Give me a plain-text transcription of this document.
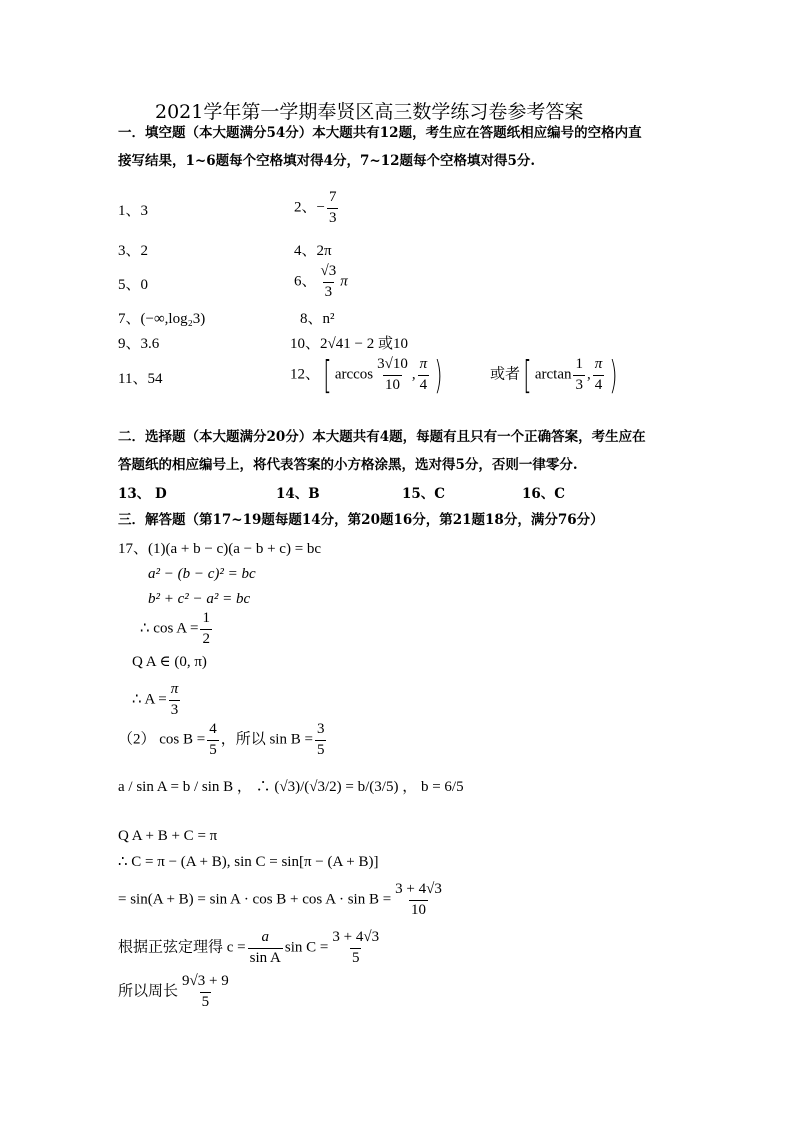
2021学年第一学期奉贤区高三数学练习卷参考答案
一．填空题（本大题满分54分）本大题共有12题，考生应在答题纸相应编号的空格内直
接写结果，1~6题每个空格填对得4分，7~12题每个空格填对得5分.
1、3	2、− $\frac{7}{3}$
3、2	4、2π
5、0	6、 $\frac{√3}{3}$ π
7、(−∞,log₂3)	8、n²
9、3.6	10、2√41 − 2 或10
11、54	12、[ $\arccos \frac{3√10}{10}$ , $\frac{\pi}{4}$ )	或者[ $\arctan \frac{1}{3}$ , $\frac{\pi}{4}$ )
二．选择题（本大题满分20分）本大题共有4题，每题有且只有一个正确答案，考生应在
答题纸的相应编号上，将代表答案的小方格涂黑，选对得5分，否则一律零分.
13、 D	14、B	15、C	16、C
三．解答题（第17~19题每题14分，第20题16分，第21题18分，满分76分）
17、(1)(a + b − c)(a − b + c) = bc
a² − (b − c)² = bc
b² + c² − a² = bc
∴ $\cos A = \frac{1}{2}$
Q A ∈ (0, π)
∴ $A = \frac{\pi}{3}$
（2） $\cos B = \frac{4}{5}$ ，所以 $\sin B = \frac{3}{5}$
a / sin A = b / sin B ， ∴ (√3)/(√3/2) = b/(3/5) ， b = 6/5
Q A + B + C = π
∴ C = π − (A + B), sin C = sin[π − (A + B)]
= $\sin(A + B) = \sin A \cdot \cos B + \cos A \cdot \sin B = \frac{3 + 4√3}{10}$
根据正弦定理得 $c = \frac{a}{\text{sin A}}$ $\sin C = \frac{3 + 4√3}{5}$
所以周长 $\frac{9√3 + 9}{5}$
